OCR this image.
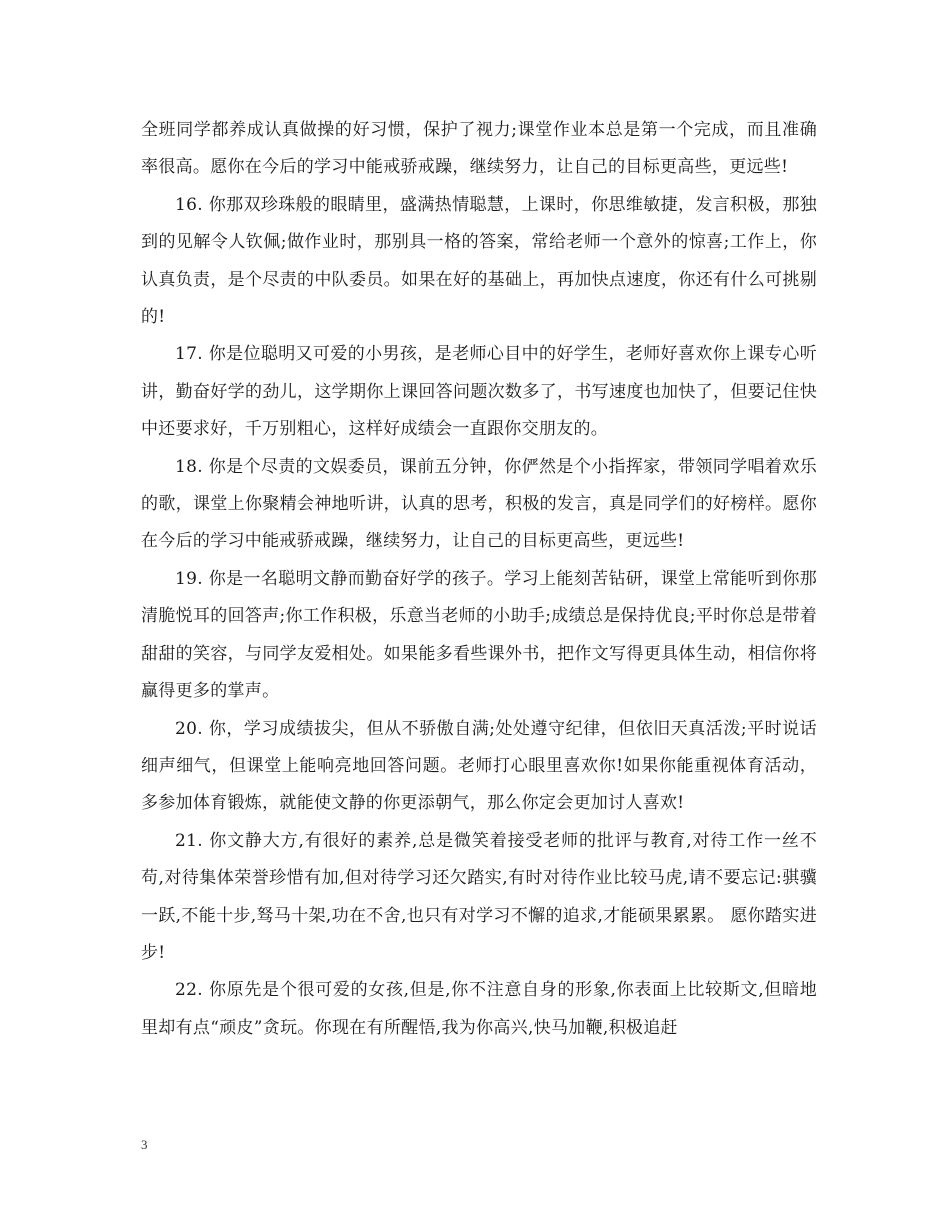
全班同学都养成认真做操的好习惯，保护了视力;课堂作业本总是第一个完成，而且准确率很高。愿你在今后的学习中能戒骄戒躁，继续努力，让自己的目标更高些，更远些!

16. 你那双珍珠般的眼睛里，盛满热情聪慧，上课时，你思维敏捷，发言积极，那独到的见解令人钦佩;做作业时，那别具一格的答案，常给老师一个意外的惊喜;工作上，你认真负责，是个尽责的中队委员。如果在好的基础上，再加快点速度，你还有什么可挑剔的!

17. 你是位聪明又可爱的小男孩，是老师心目中的好学生，老师好喜欢你上课专心听讲，勤奋好学的劲儿，这学期你上课回答问题次数多了，书写速度也加快了，但要记住快中还要求好，千万别粗心，这样好成绩会一直跟你交朋友的。

18. 你是个尽责的文娱委员，课前五分钟，你俨然是个小指挥家，带领同学唱着欢乐的歌，课堂上你聚精会神地听讲，认真的思考，积极的发言，真是同学们的好榜样。愿你在今后的学习中能戒骄戒躁，继续努力，让自己的目标更高些，更远些!

19. 你是一名聪明文静而勤奋好学的孩子。学习上能刻苦钻研，课堂上常能听到你那清脆悦耳的回答声;你工作积极，乐意当老师的小助手;成绩总是保持优良;平时你总是带着甜甜的笑容，与同学友爱相处。如果能多看些课外书，把作文写得更具体生动，相信你将赢得更多的掌声。

20. 你，学习成绩拔尖，但从不骄傲自满;处处遵守纪律，但依旧天真活泼;平时说话细声细气，但课堂上能响亮地回答问题。老师打心眼里喜欢你!如果你能重视体育活动，多参加体育锻炼，就能使文静的你更添朝气，那么你定会更加讨人喜欢!

21. 你文静大方,有很好的素养,总是微笑着接受老师的批评与教育,对待工作一丝不苟,对待集体荣誉珍惜有加,但对待学习还欠踏实,有时对待作业比较马虎,请不要忘记:骐骥一跃,不能十步,驽马十架,功在不舍,也只有对学习不懈的追求,才能硕果累累。 愿你踏实进步!

22. 你原先是个很可爱的女孩,但是,你不注意自身的形象,你表面上比较斯文,但暗地里却有点“顽皮”贪玩。你现在有所醒悟,我为你高兴,快马加鞭,积极追赶

3
